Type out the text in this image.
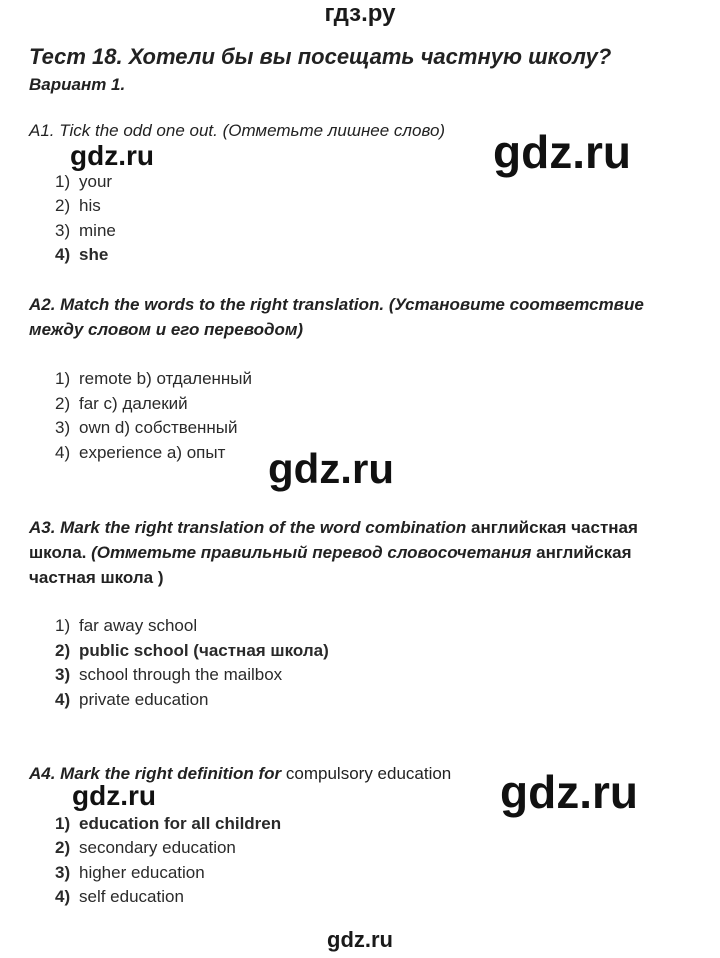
гдз.ру
Тест 18. Хотели бы вы посещать частную школу?
Вариант 1.
A1. Tick the odd one out. (Отметьте лишнее слово)
gdz.ru	gdz.ru
1) your
2) his
3) mine
4) she
A2. Match the words to the right translation. (Установите соответствие
между словом и его переводом)
1) remote b) отдаленный
2) far c) далекий
3) own d) собственный
4) experience a) опыт gdz.ru
A3. Mark the right translation of the word combination английская частная
школа. (Отметьте правильный перевод словосочетания английская
частная школа )
1) far away school
2) public school (частная школа)
3) school through the mailbox
4) private education
A4. Mark the right definition for compulsory education
gdz.ru	gdz.ru
1) education for all children
2) secondary education
3) higher education
4) self education
gdz.ru
